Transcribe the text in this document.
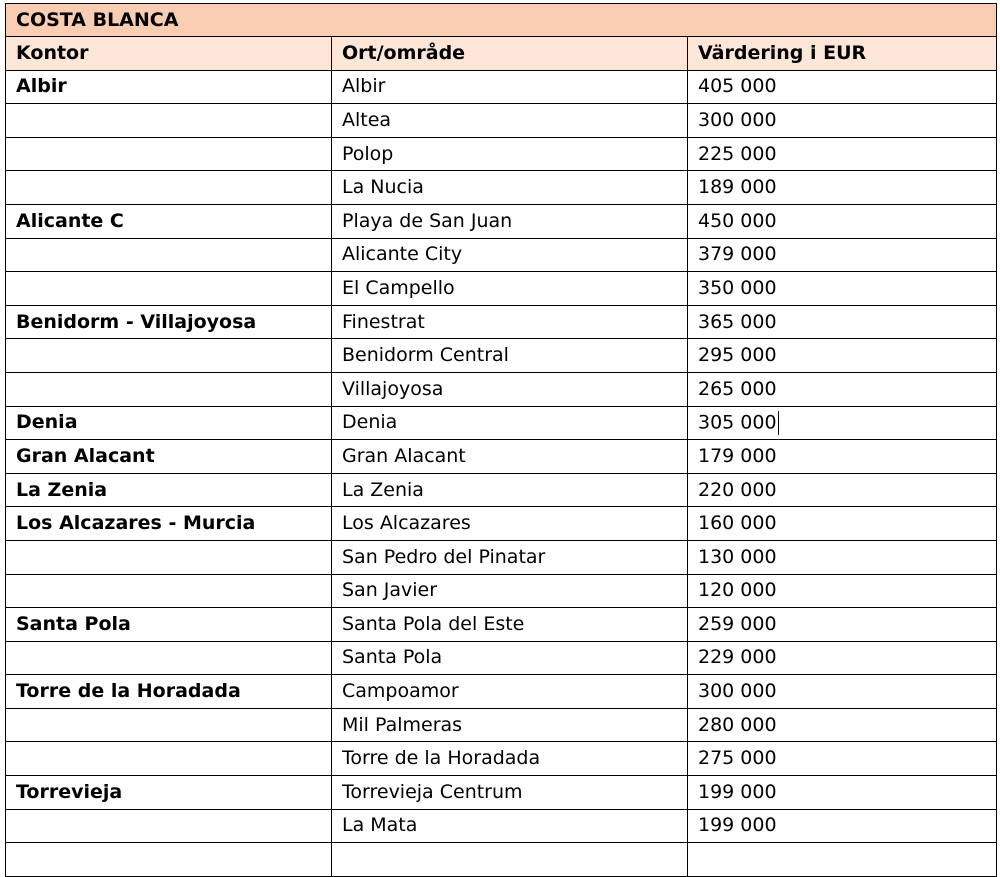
COSTA BLANCA		
Kontor	Ort/område	Värdering i EUR
Albir	Albir	405 000
	Altea	300 000
	Polop	225 000
	La Nucia	189 000
Alicante C	Playa de San Juan	450 000
	Alicante City	379 000
	El Campello	350 000
Benidorm - Villajoyosa	Finestrat	365 000
	Benidorm Central	295 000
	Villajoyosa	265 000
Denia	Denia	305 000
Gran Alacant	Gran Alacant	179 000
La Zenia	La Zenia	220 000
Los Alcazares - Murcia	Los Alcazares	160 000
	San Pedro del Pinatar	130 000
	San Javier	120 000
Santa Pola	Santa Pola del Este	259 000
	Santa Pola	229 000
Torre de la Horadada	Campoamor	300 000
	Mil Palmeras	280 000
	Torre de la Horadada	275 000
Torrevieja	Torrevieja Centrum	199 000
	La Mata	199 000
